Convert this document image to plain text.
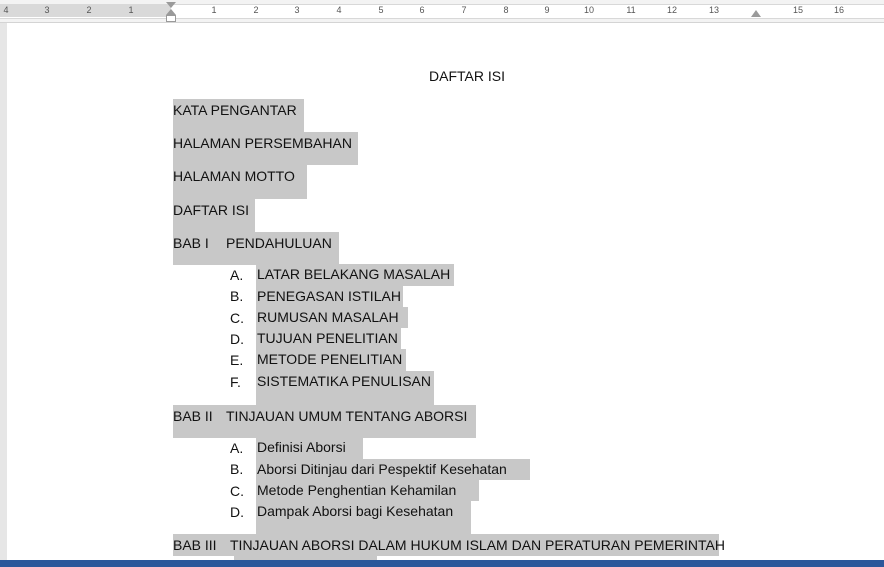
4	3	2	1	1	2	3	4	5	6	7	8	9	10	11	12	13	15	16
DAFTAR ISI
KATA PENGANTAR
HALAMAN PERSEMBAHAN
HALAMAN MOTTO
DAFTAR ISI
BAB I PENDAHULUAN
A. LATAR BELAKANG MASALAH
B. PENEGASAN ISTILAH
C. RUMUSAN MASALAH
D. TUJUAN PENELITIAN
E. METODE PENELITIAN
F. SISTEMATIKA PENULISAN
BAB II TINJAUAN UMUM TENTANG ABORSI
A. Definisi Aborsi
B. Aborsi Ditinjau dari Pespektif Kesehatan
C. Metode Penghentian Kehamilan
D. Dampak Aborsi bagi Kesehatan
BAB III TINJAUAN ABORSI DALAM HUKUM ISLAM DAN PERATURAN PEMERINTAH
